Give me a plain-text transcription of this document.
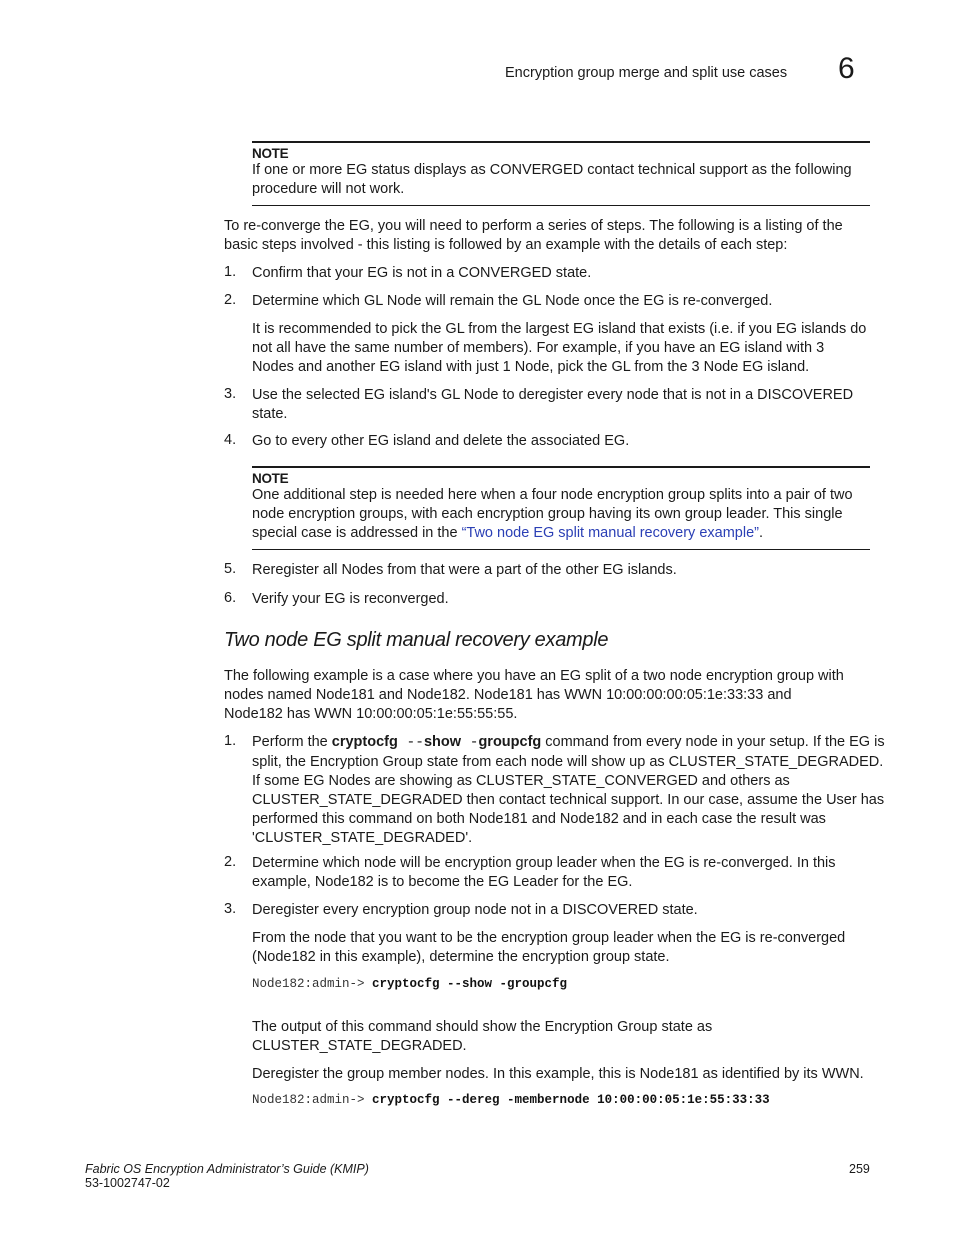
Encryption group merge and split use cases 6
NOTE
If one or more EG status displays as CONVERGED contact technical support as the following
procedure will not work.
To re-converge the EG, you will need to perform a series of steps. The following is a listing of the
basic steps involved - this listing is followed by an example with the details of each step:
1. Confirm that your EG is not in a CONVERGED state.
2. Determine which GL Node will remain the GL Node once the EG is re-converged.
It is recommended to pick the GL from the largest EG island that exists (i.e. if you EG islands do
not all have the same number of members). For example, if you have an EG island with 3
Nodes and another EG island with just 1 Node, pick the GL from the 3 Node EG island.
3. Use the selected EG island's GL Node to deregister every node that is not in a DISCOVERED
state.
4. Go to every other EG island and delete the associated EG.
NOTE
One additional step is needed here when a four node encryption group splits into a pair of two
node encryption groups, with each encryption group having its own group leader. This single
special case is addressed in the “Two node EG split manual recovery example”.
5. Reregister all Nodes from that were a part of the other EG islands.
6. Verify your EG is reconverged.
Two node EG split manual recovery example
The following example is a case where you have an EG split of a two node encryption group with
nodes named Node181 and Node182. Node181 has WWN 10:00:00:00:05:1e:33:33 and
Node182 has WWN 10:00:00:05:1e:55:55:55.
1. Perform the cryptocfg --show -groupcfg command from every node in your setup. If the EG is
split, the Encryption Group state from each node will show up as CLUSTER_STATE_DEGRADED.
If some EG Nodes are showing as CLUSTER_STATE_CONVERGED and others as
CLUSTER_STATE_DEGRADED then contact technical support. In our case, assume the User has
performed this command on both Node181 and Node182 and in each case the result was
'CLUSTER_STATE_DEGRADED'.
2. Determine which node will be encryption group leader when the EG is re-converged. In this
example, Node182 is to become the EG Leader for the EG.
3. Deregister every encryption group node not in a DISCOVERED state.
From the node that you want to be the encryption group leader when the EG is re-converged
(Node182 in this example), determine the encryption group state.
Node182:admin-> cryptocfg --show -groupcfg
The output of this command should show the Encryption Group state as
CLUSTER_STATE_DEGRADED.
Deregister the group member nodes. In this example, this is Node181 as identified by its WWN.
Node182:admin-> cryptocfg --dereg -membernode 10:00:00:05:1e:55:33:33
Fabric OS Encryption Administrator’s Guide (KMIP)
53-1002747-02
259
